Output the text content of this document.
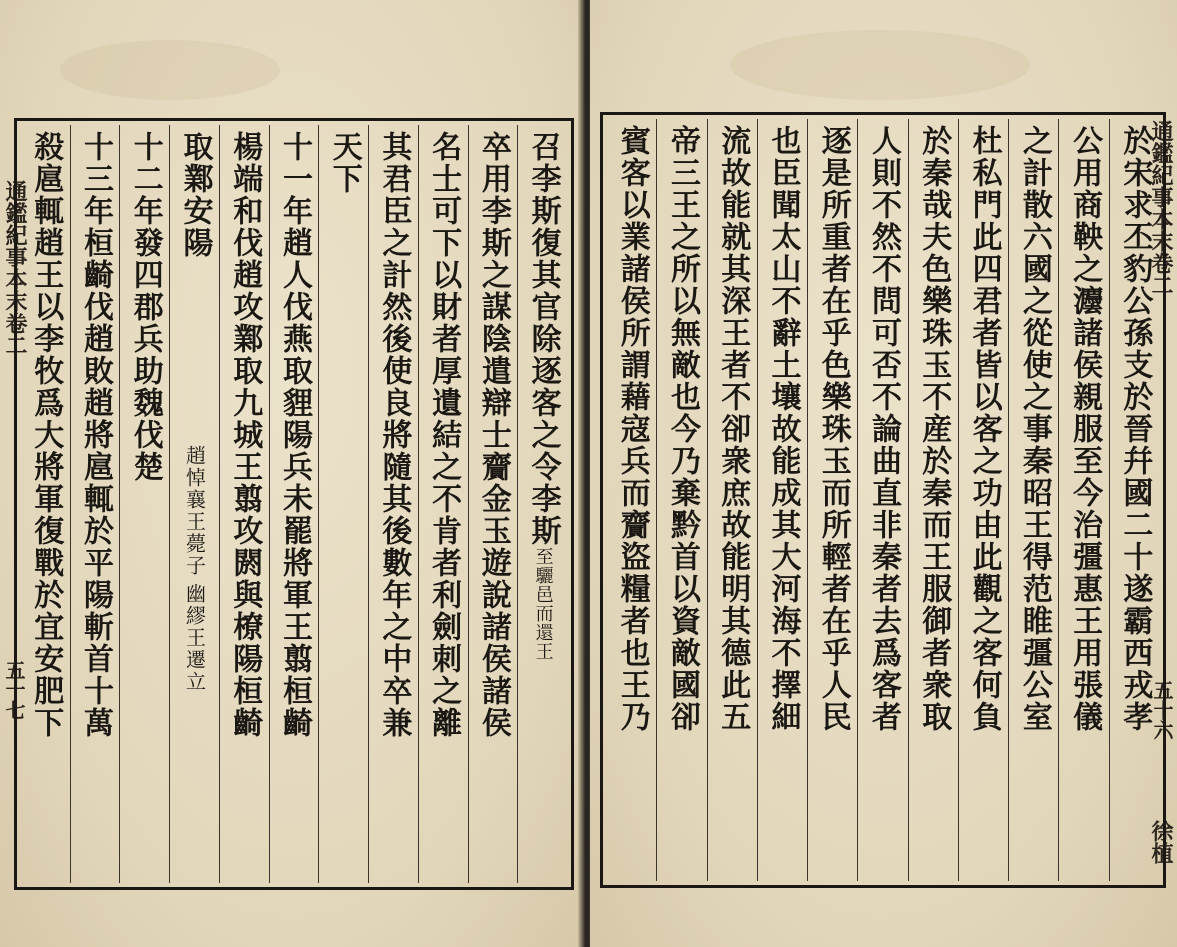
通鑑紀事本末卷二
五十七
召李斯復其官除逐客之令李斯至驪邑而還王
卒用李斯之謀陰遣辯士齎金玉遊說諸侯諸侯
名士可下以財者厚遺結之不肯者利劍刺之離
其君臣之計然後使良將隨其後數年之中卒兼
天下
十一年趙人伐燕取貍陽兵未罷將軍王翦桓齮
楊端和伐趙攻鄴取九城王翦攻閼與橑陽桓齮
取鄴安陽
趙悼襄王薨子
幽繆王遷立
十二年發四郡兵助魏伐楚
十三年桓齮伐趙敗趙將扈輒於平陽斬首十萬
殺扈輒趙王以李牧爲大將軍復戰於宜安肥下	通鑑紀事本末卷二
五十六
徐植
於宋求丕豹公孫支於晉幷國二十遂霸西戎孝
公用商鞅之灋諸侯親服至今治彊惠王用張儀
之計散六國之從使之事秦昭王得范睢彊公室
杜私門此四君者皆以客之功由此觀之客何負
於秦哉夫色樂珠玉不産於秦而王服御者衆取
人則不然不問可否不論曲直非秦者去爲客者
逐是所重者在乎色樂珠玉而所輕者在乎人民
也臣聞太山不辭土壤故能成其大河海不擇細
流故能就其深王者不卻衆庶故能明其德此五
帝三王之所以無敵也今乃棄黔首以資敵國卻
賓客以業諸侯所謂藉寇兵而齎盜糧者也王乃
